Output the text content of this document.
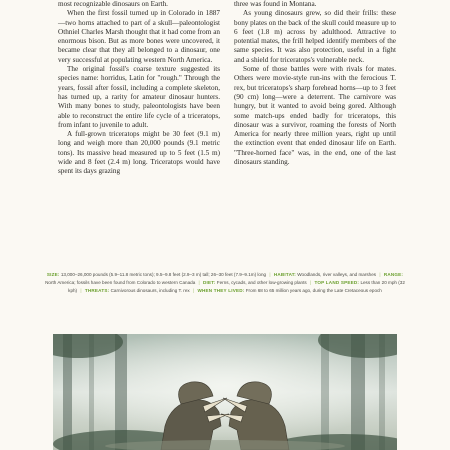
most recognizable dinosaurs on Earth.

When the first fossil turned up in Colorado in 1887—two horns attached to part of a skull—paleontologist Othniel Charles Marsh thought that it had come from an enormous bison. But as more bones were uncovered, it became clear that they all belonged to a dinosaur, one very successful at populating western North America.

The original fossil's coarse texture suggested its species name: horridus, Latin for "rough." Through the years, fossil after fossil, including a complete skeleton, has turned up, a rarity for amateur dinosaur hunters. With many bones to study, paleontologists have been able to reconstruct the entire life cycle of a triceratops, from infant to juvenile to adult.

A full-grown triceratops might be 30 feet (9.1 m) long and weigh more than 20,000 pounds (9.1 metric tons). Its massive head measured up to 5 feet (1.5 m) wide and 8 feet (2.4 m) long. Triceratops would have spent its days grazing

three was found in Montana.

As young dinosaurs grew, so did their frills: these bony plates on the back of the skull could measure up to 6 feet (1.8 m) across by adulthood. Attractive to potential mates, the frill helped identify members of the same species. It was also protection, useful in a fight and a shield for triceratops's vulnerable neck.

Some of those battles were with rivals for mates. Others were movie-style run-ins with the ferocious T. rex, but triceratops's sharp forehead horns—up to 3 feet (90 cm) long—were a deterrent. The carnivore was hungry, but it wanted to avoid being gored. Although some match-ups ended badly for triceratops, this dinosaur was a survivor, roaming the forests of North America for nearly three million years, right up until the extinction event that ended dinosaur life on Earth. "Three-horned face" was, in the end, one of the last dinosaurs standing.

SIZE: 13,000–26,000 pounds (5.9–11.8 metric tons); 9.5–9.8 feet (2.9–3 m) tall; 26–30 feet (7.9–9.1m) long | HABITAT: Woodlands, river valleys, and marshes | RANGE: North America; fossils have been found from Colorado to western Canada | DIET: Ferns, cycads, and other low-growing plants | TOP LAND SPEED: Less than 20 mph (32 kph) | THREATS: Carnivorous dinosaurs, including T. rex | WHEN THEY LIVED: From 68 to 65 million years ago, during the Late Cretaceous epoch
